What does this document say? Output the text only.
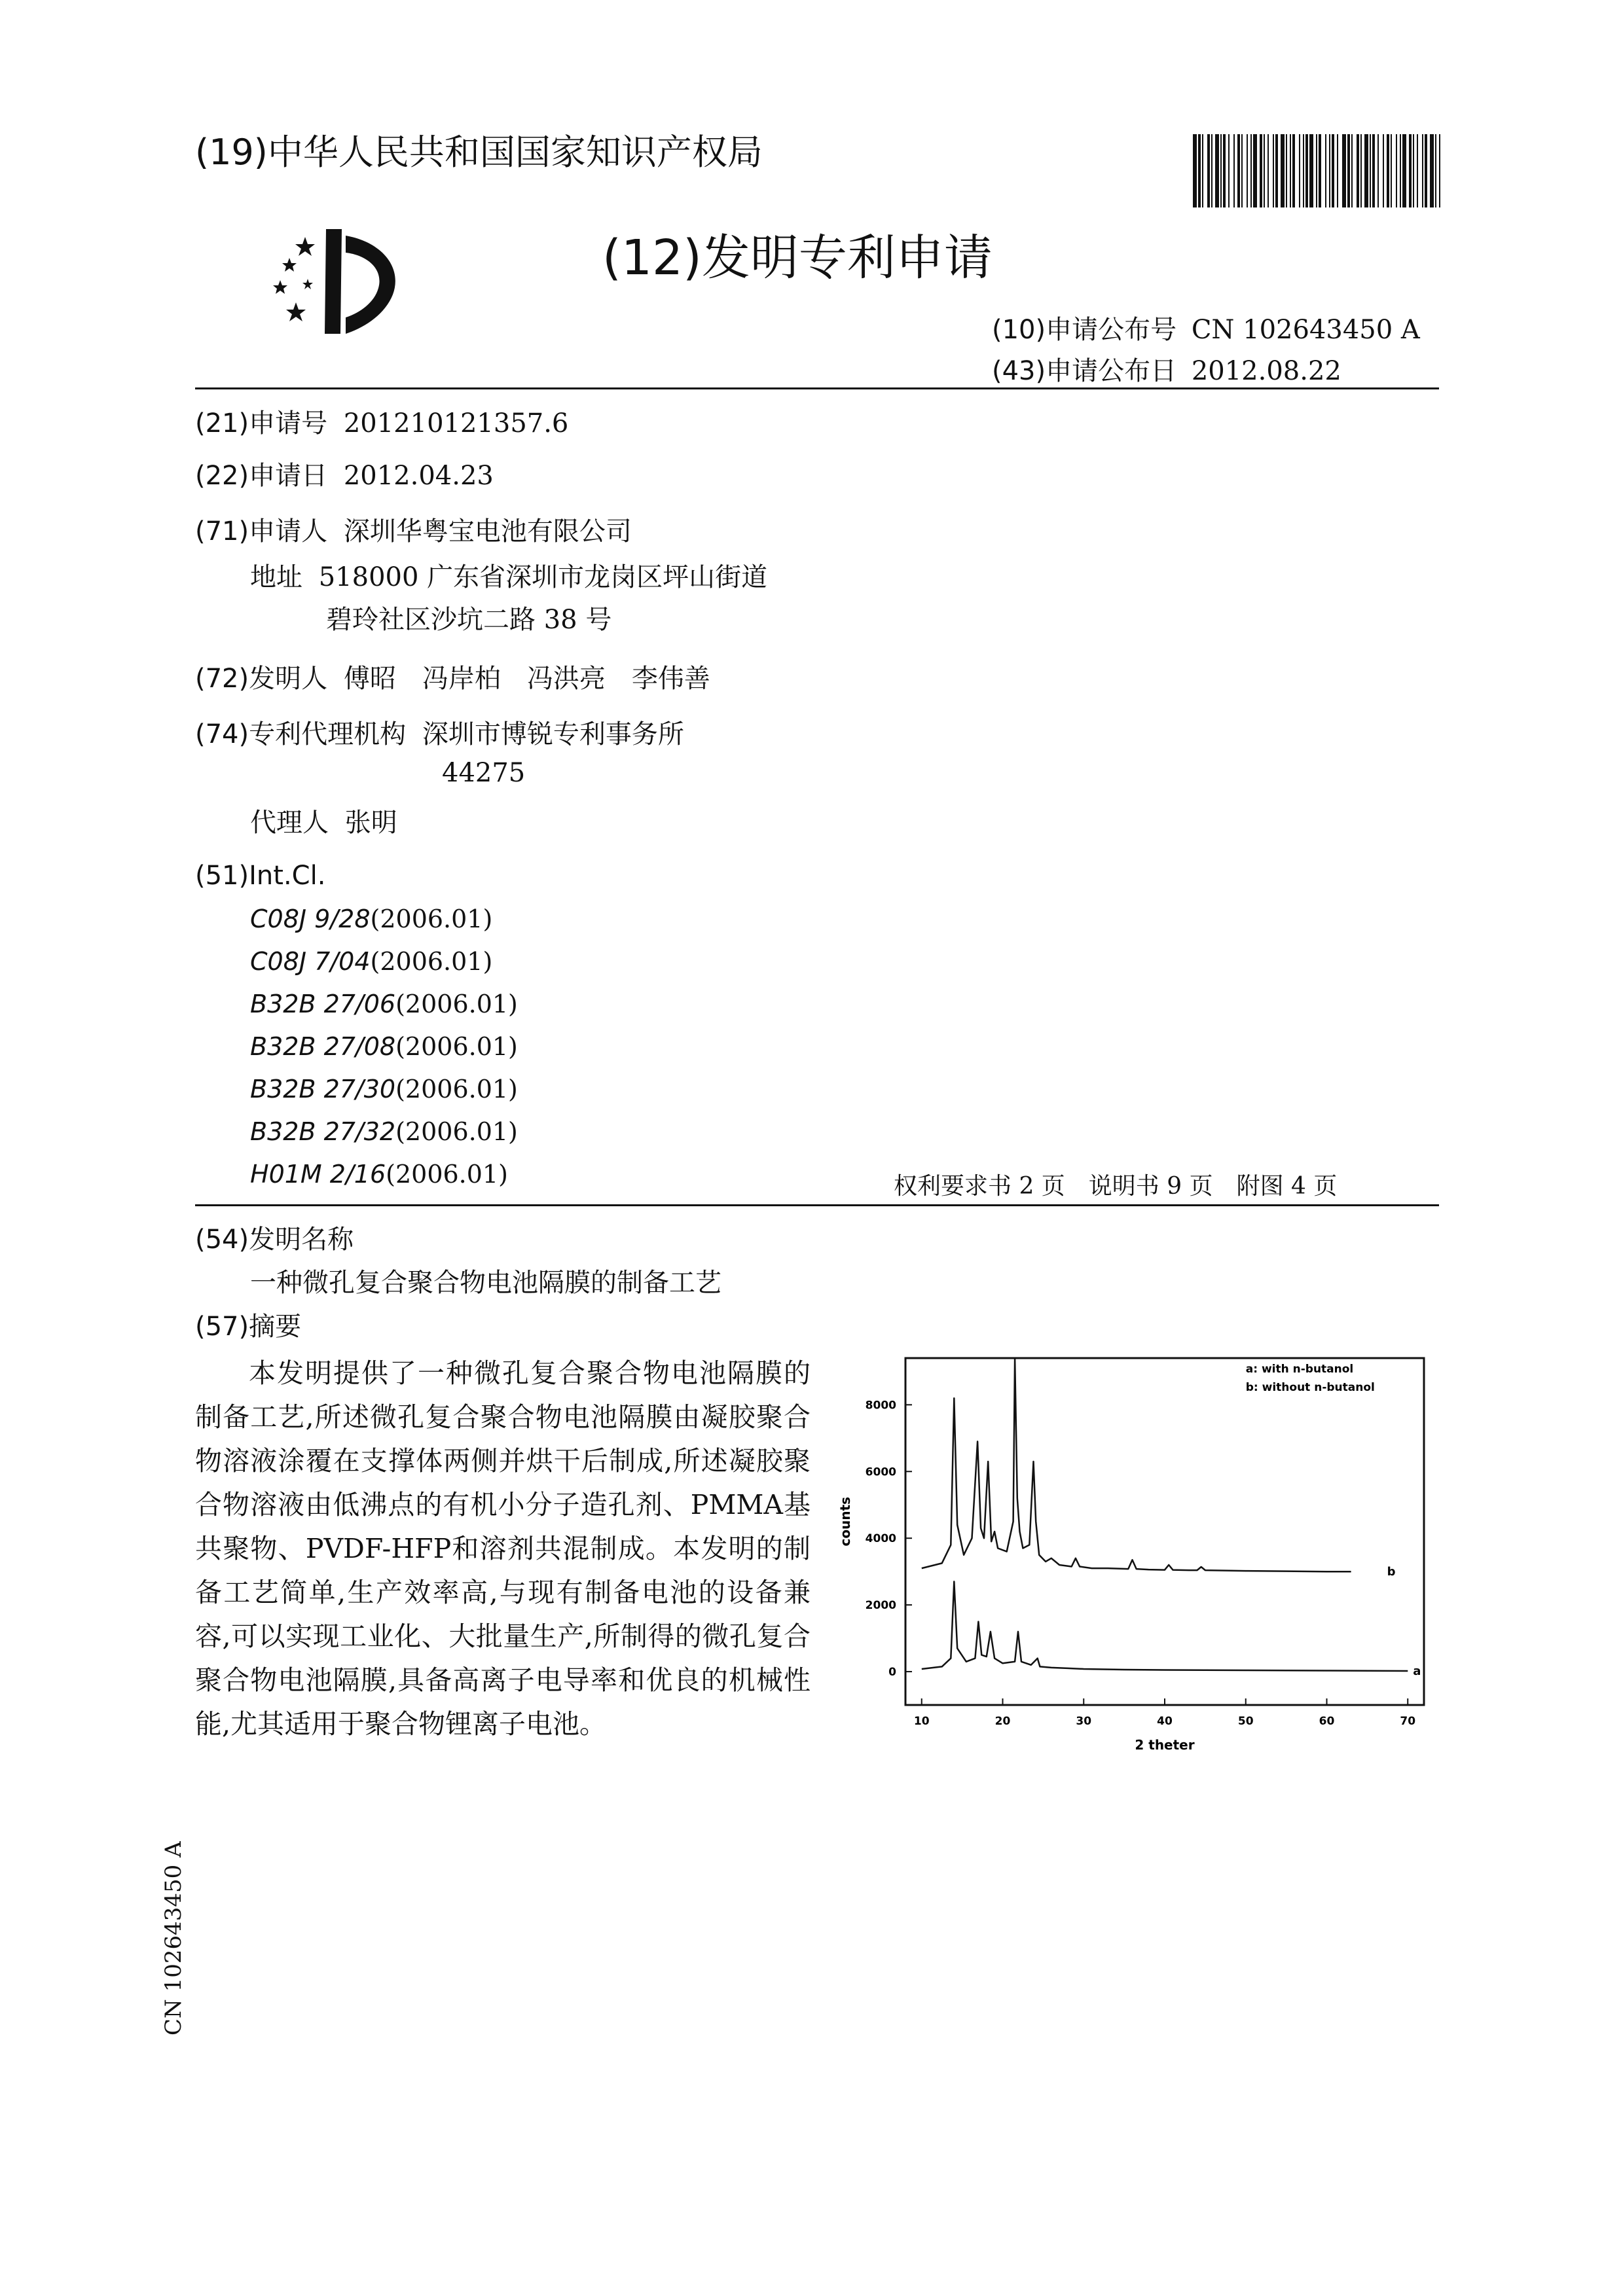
(19)中华人民共和国国家知识产权局
(12)发明专利申请
(10)申请公布号 CN 102643450 A
(43)申请公布日 2012.08.22
(21)申请号 201210121357.6
(22)申请日 2012.04.23
(71)申请人 深圳华粤宝电池有限公司
地址 518000 广东省深圳市龙岗区坪山街道
碧玲社区沙坑二路 38 号
(72)发明人 傅昭　冯岸柏　冯洪亮　李伟善
(74)专利代理机构 深圳市博锐专利事务所
44275
代理人 张明
(51)Int.Cl.
C08J 9/28(2006.01)
C08J 7/04(2006.01)
B32B 27/06(2006.01)
B32B 27/08(2006.01)
B32B 27/30(2006.01)
B32B 27/32(2006.01)
H01M 2/16(2006.01)	权利要求书 2 页　说明书 9 页　附图 4 页
(54)发明名称
一种微孔复合聚合物电池隔膜的制备工艺
(57)摘要
本发明提供了一种微孔复合聚合物电池隔膜的制备工艺,所述微孔复合聚合物电池隔膜由凝胶聚合物溶液涂覆在支撑体两侧并烘干后制成,所述凝胶聚合物溶液由低沸点的有机小分子造孔剂、PMMA基共聚物、PVDF-HFP和溶剂共混制成。本发明的制备工艺简单,生产效率高,与现有制备电池的设备兼容,可以实现工业化、大批量生产,所制得的微孔复合聚合物电池隔膜,具备高离子电导率和优良的机械性能,尤其适用于聚合物锂离子电池。	10	20	30	40	50	60	70
0
2000
4000
6000
8000
a: with n-butanol
b: without n-butanol
2 theter
counts
a
b
CN 102643450 A
